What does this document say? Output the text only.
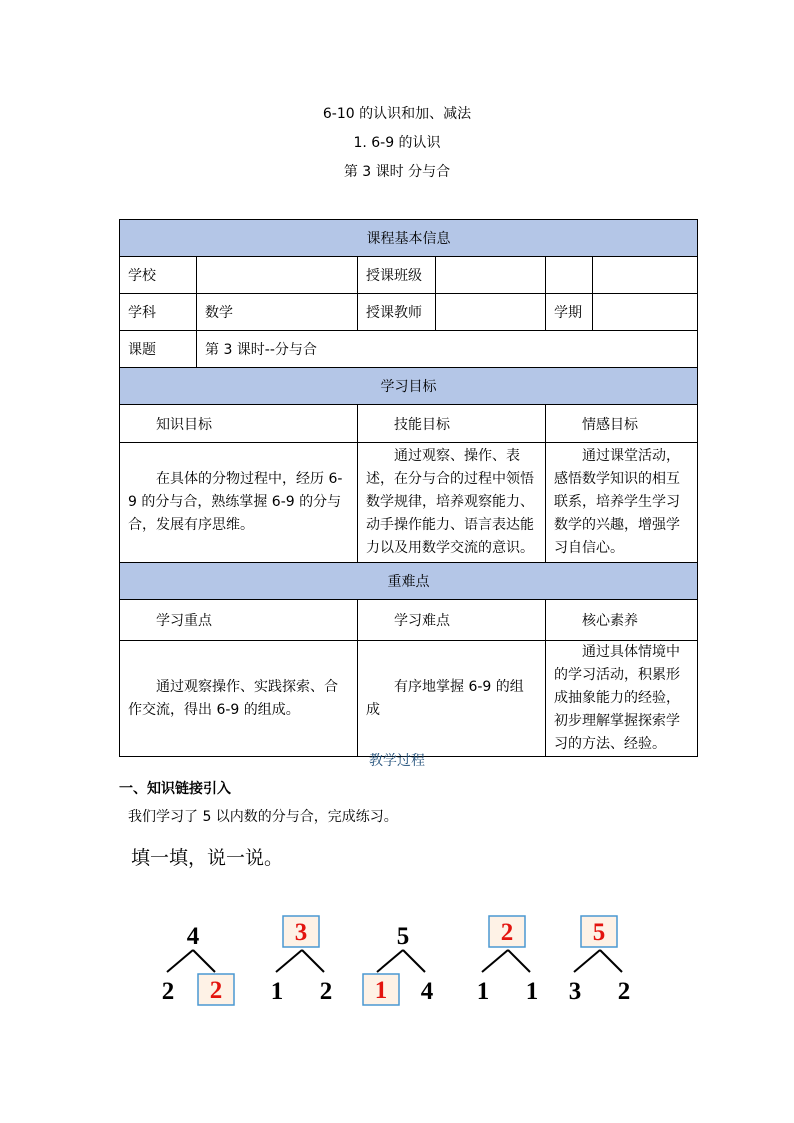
6-10 的认识和加、减法
1. 6-9 的认识
第 3 课时 分与合
课程基本信息					
学校		授课班级			
学科	数学	授课教师		学期	
课题	第 3 课时--分与合				
学习目标					
知识目标		技能目标		情感目标	
在具体的分物过程中，经历 6-9 的分与合，熟练掌握 6-9 的分与合，发展有序思维。		通过观察、操作、表述，在分与合的过程中领悟数学规律，培养观察能力、动手操作能力、语言表达能力以及用数学交流的意识。		通过课堂活动，感悟数学知识的相互联系，培养学生学习数学的兴趣，增强学习自信心。	
重难点					
学习重点		学习难点		核心素养	
通过观察操作、实践探索、合作交流，得出 6-9 的组成。		有序地掌握 6-9 的组成		通过具体情境中的学习活动，积累形成抽象能力的经验，初步理解掌握探索学习的方法、经验。	
教学过程
一、知识链接引入
我们学习了 5 以内数的分与合，完成练习。
填一填，说一说。
4
2 2
3
1 2
5
1 4
2
1 1
5
3 2
